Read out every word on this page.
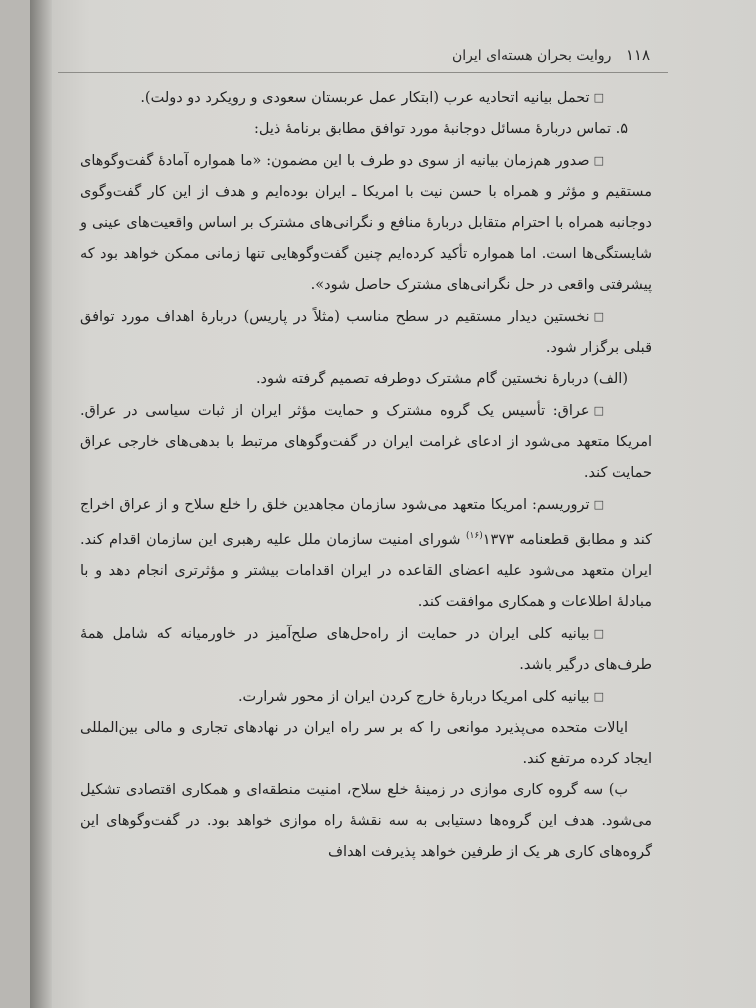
۱۱۸ روایت بحران هسته‌ای ایران

□تحمل بیانیه اتحادیه عرب (ابتکار عمل عربستان سعودی و رویکرد دو دولت).

۵. تماس دربارهٔ مسائل دوجانبهٔ مورد توافق مطابق برنامهٔ ذیل:

□صدور هم‌زمان بیانیه از سوی دو طرف با این مضمون: «ما همواره آمادهٔ گفت‌وگوهای مستقیم و مؤثر و همراه با حسن نیت با امریکا ـ ایران بوده‌ایم و هدف از این کار گفت‌وگوی دوجانبه همراه با احترام متقابل دربارهٔ منافع و نگرانی‌های مشترک بر اساس واقعیت‌های عینی و شایستگی‌ها است. اما همواره تأکید کرده‌ایم چنین گفت‌وگوهایی تنها زمانی ممکن خواهد بود که پیشرفتی واقعی در حل نگرانی‌های مشترک حاصل شود».

□نخستین دیدار مستقیم در سطح مناسب (مثلاً در پاریس) دربارهٔ اهداف مورد توافق قبلی برگزار شود.

(الف) دربارهٔ نخستین گام مشترک دوطرفه تصمیم گرفته شود.

□عراق: تأسیس یک گروه مشترک و حمایت مؤثر ایران از ثبات سیاسی در عراق. امریکا متعهد می‌شود از ادعای غرامت ایران در گفت‌وگوهای مرتبط با بدهی‌های خارجی عراق حمایت کند.

□تروریسم: امریکا متعهد می‌شود سازمان مجاهدین خلق را خلع سلاح و از عراق اخراج کند و مطابق قطعنامه ۱۳۷۳$^{(۱۶)}$ شورای امنیت سازمان ملل علیه رهبری این سازمان اقدام کند. ایران متعهد می‌شود علیه اعضای القاعده در ایران اقدامات بیشتر و مؤثرتری انجام دهد و با مبادلهٔ اطلاعات و همکاری موافقت کند.

□بیانیه کلی ایران در حمایت از راه‌حل‌های صلح‌آمیز در خاورمیانه که شامل همهٔ طرف‌های درگیر باشد.

□بیانیه کلی امریکا دربارهٔ خارج کردن ایران از محور شرارت.

ایالات متحده می‌پذیرد موانعی را که بر سر راه ایران در نهادهای تجاری و مالی بین‌المللی ایجاد کرده مرتفع کند.

ب) سه گروه کاری موازی در زمینهٔ خلع سلاح، امنیت منطقه‌ای و همکاری اقتصادی تشکیل می‌شود. هدف این گروه‌ها دستیابی به سه نقشهٔ راه موازی خواهد بود. در گفت‌وگوهای این گروه‌های کاری هر یک از طرفین خواهد پذیرفت اهداف
